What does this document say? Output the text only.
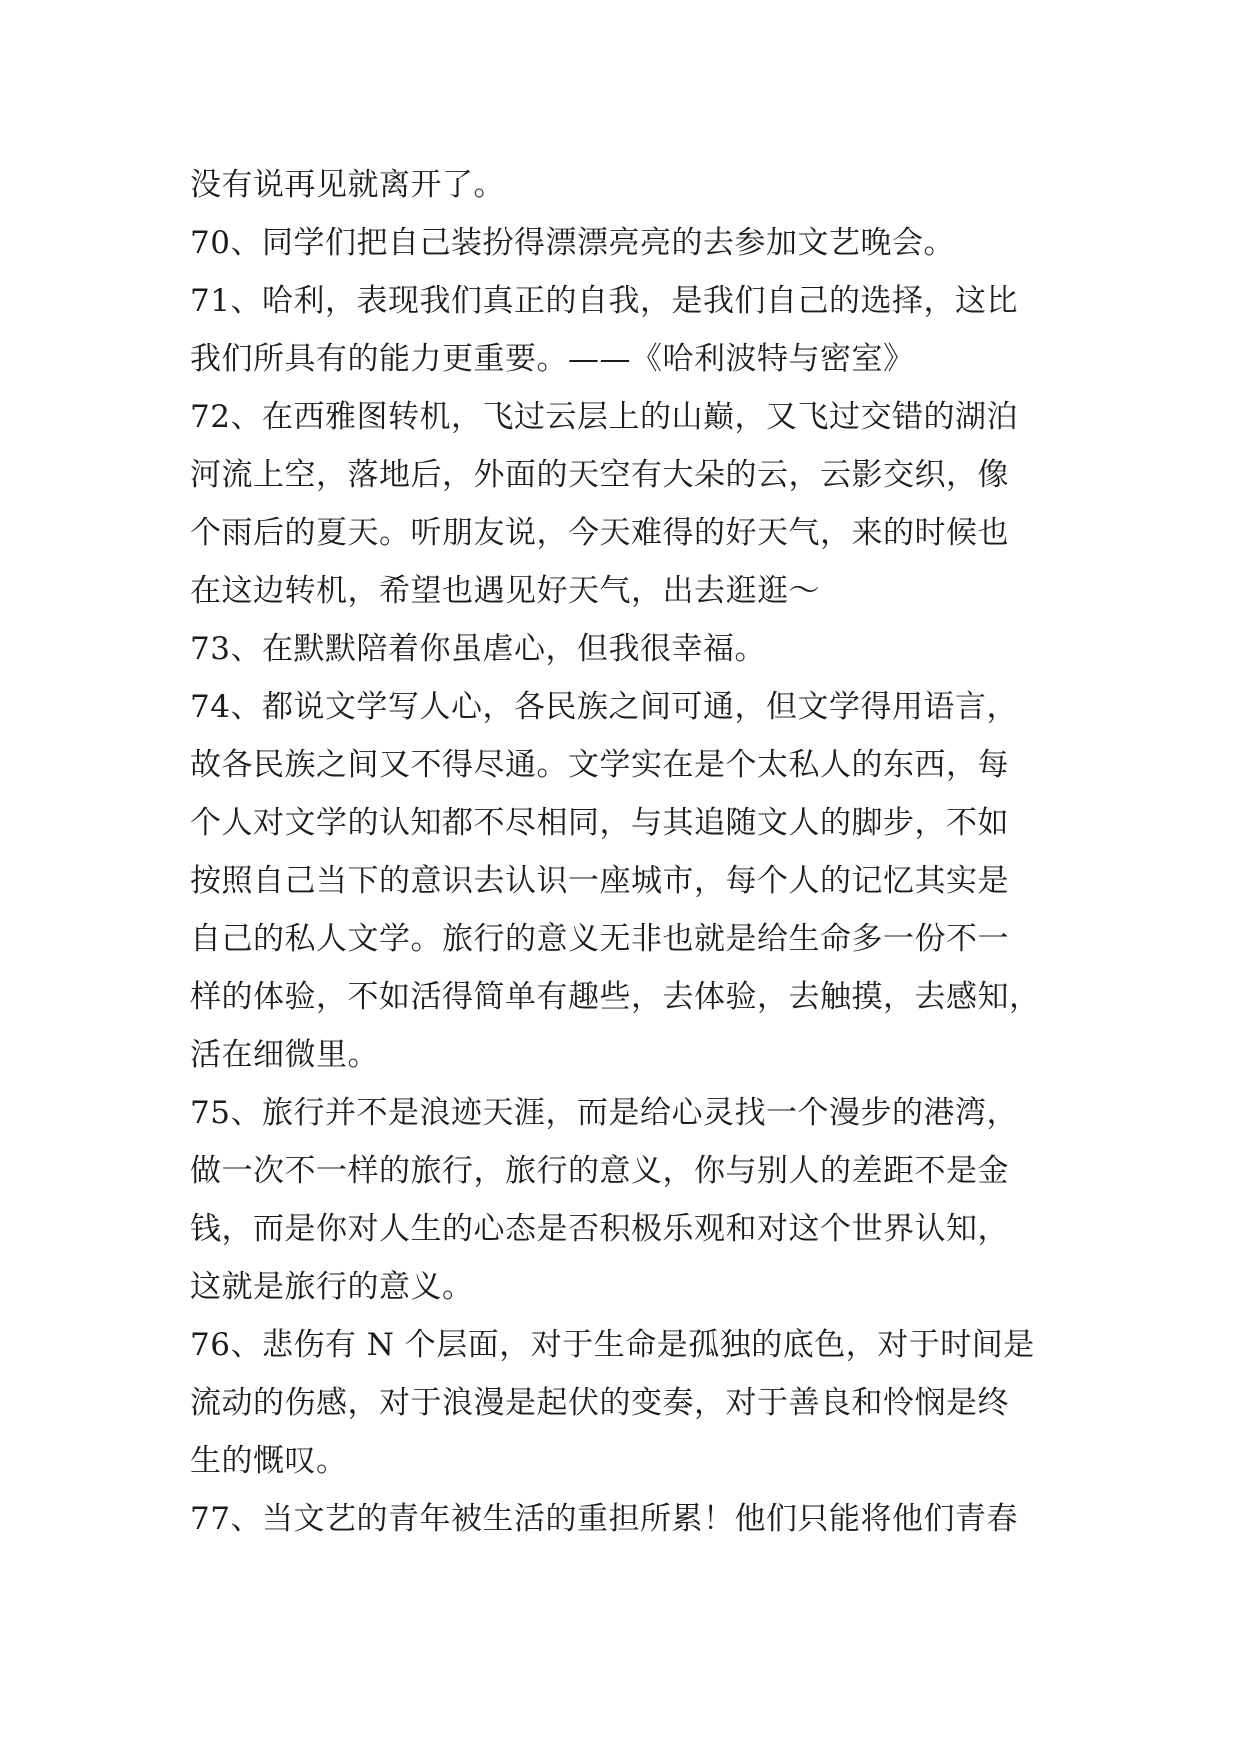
没有说再见就离开了。
70、同学们把自己装扮得漂漂亮亮的去参加文艺晚会。
71、哈利，表现我们真正的自我，是我们自己的选择，这比
我们所具有的能力更重要。——《哈利波特与密室》
72、在西雅图转机，飞过云层上的山巅，又飞过交错的湖泊
河流上空，落地后，外面的天空有大朵的云，云影交织，像
个雨后的夏天。听朋友说，今天难得的好天气，来的时候也
在这边转机，希望也遇见好天气，出去逛逛～
73、在默默陪着你虽虐心，但我很幸福。
74、都说文学写人心，各民族之间可通，但文学得用语言，
故各民族之间又不得尽通。文学实在是个太私人的东西，每
个人对文学的认知都不尽相同，与其追随文人的脚步，不如
按照自己当下的意识去认识一座城市，每个人的记忆其实是
自己的私人文学。旅行的意义无非也就是给生命多一份不一
样的体验，不如活得简单有趣些，去体验，去触摸，去感知，
活在细微里。
75、旅行并不是浪迹天涯，而是给心灵找一个漫步的港湾，
做一次不一样的旅行，旅行的意义，你与别人的差距不是金
钱，而是你对人生的心态是否积极乐观和对这个世界认知，
这就是旅行的意义。
76、悲伤有 N 个层面，对于生命是孤独的底色，对于时间是
流动的伤感，对于浪漫是起伏的变奏，对于善良和怜悯是终
生的慨叹。
77、当文艺的青年被生活的重担所累！他们只能将他们青春
